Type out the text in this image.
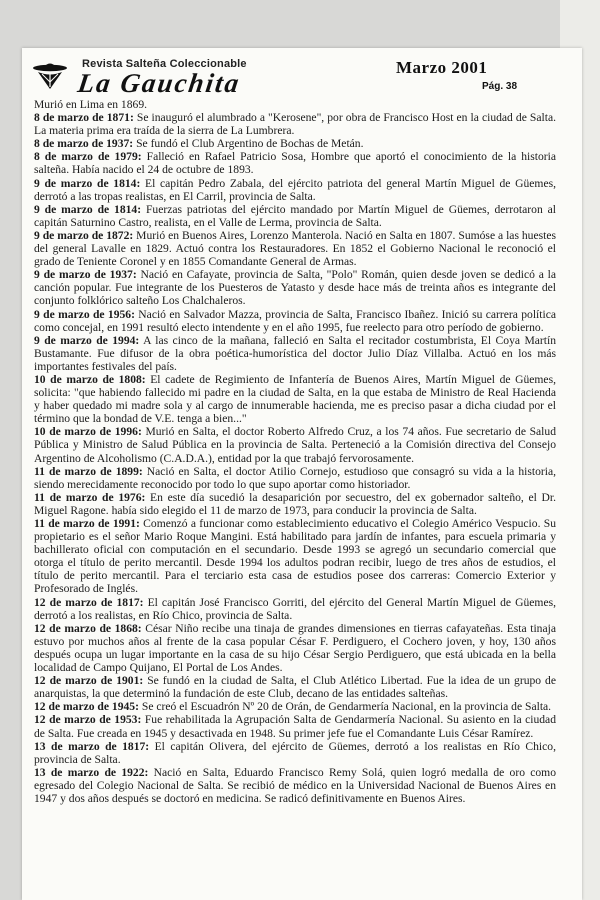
Revista Salteña Coleccionable
La Gauchita
Marzo 2001
Pág. 38

Murió en Lima en 1869.

8 de marzo de 1871: Se inauguró el alumbrado a "Kerosene", por obra de Francisco Host en la ciudad de Salta. La materia prima era traída de la sierra de La Lumbrera.

8 de marzo de 1937: Se fundó el Club Argentino de Bochas de Metán.

8 de marzo de 1979: Falleció en Rafael Patricio Sosa, Hombre que aportó el conocimiento de la historia salteña. Había nacido el 24 de octubre de 1893.

9 de marzo de 1814: El capitán Pedro Zabala, del ejército patriota del general Martín Miguel de Güemes, derrotó a las tropas realistas, en El Carril, provincia de Salta.

9 de marzo de 1814: Fuerzas patriotas del ejército mandado por Martín Miguel de Güemes, derrotaron al capitán Saturnino Castro, realista, en el Valle de Lerma, provincia de Salta.

9 de marzo de 1872: Murió en Buenos Aires, Lorenzo Manterola. Nació en Salta en 1807. Sumóse a las huestes del general Lavalle en 1829. Actuó contra los Restauradores. En 1852 el Gobierno Nacional le reconoció el grado de Teniente Coronel y en 1855 Comandante General de Armas.

9 de marzo de 1937: Nació en Cafayate, provincia de Salta, "Polo" Román, quien desde joven se dedicó a la canción popular. Fue integrante de los Puesteros de Yatasto y desde hace más de treinta años es integrante del conjunto folklórico salteño Los Chalchaleros.

9 de marzo de 1956: Nació en Salvador Mazza, provincia de Salta, Francisco Ibañez. Inició su carrera política como concejal, en 1991 resultó electo intendente y en el año 1995, fue reelecto para otro período de gobierno.

9 de marzo de 1994: A las cinco de la mañana, falleció en Salta el recitador costumbrista, El Coya Martín Bustamante. Fue difusor de la obra poética-humorística del doctor Julio Díaz Villalba. Actuó en los más importantes festivales del país.

10 de marzo de 1808: El cadete de Regimiento de Infantería de Buenos Aires, Martín Miguel de Güemes, solicita: "que habiendo fallecido mi padre en la ciudad de Salta, en la que estaba de Ministro de Real Hacienda y haber quedado mi madre sola y al cargo de innumerable hacienda, me es preciso pasar a dicha ciudad por el término que la bondad de V.E. tenga a bien..."

10 de marzo de 1996: Murió en Salta, el doctor Roberto Alfredo Cruz, a los 74 años. Fue secretario de Salud Pública y Ministro de Salud Pública en la provincia de Salta. Perteneció a la Comisión directiva del Consejo Argentino de Alcoholismo (C.A.D.A.), entidad por la que trabajó fervorosamente.

11 de marzo de 1899: Nació en Salta, el doctor Atilio Cornejo, estudioso que consagró su vida a la historia, siendo merecidamente reconocido por todo lo que supo aportar como historiador.

11 de marzo de 1976: En este día sucedió la desaparición por secuestro, del ex gobernador salteño, el Dr. Miguel Ragone. había sido elegido el 11 de marzo de 1973, para conducir la provincia de Salta.

11 de marzo de 1991: Comenzó a funcionar como establecimiento educativo el Colegio Américo Vespucio. Su propietario es el señor Mario Roque Mangini. Está habilitado para jardín de infantes, para escuela primaria y bachillerato oficial con computación en el secundario. Desde 1993 se agregó un secundario comercial que otorga el título de perito mercantil. Desde 1994 los adultos podran recibir, luego de tres años de estudios, el título de perito mercantil. Para el terciario esta casa de estudios posee dos carreras: Comercio Exterior y Profesorado de Inglés.

12 de marzo de 1817: El capitán José Francisco Gorriti, del ejército del General Martín Miguel de Güemes, derrotó a los realistas, en Río Chico, provincia de Salta.

12 de marzo de 1868: César Niño recibe una tinaja de grandes dimensiones en tierras cafayateñas. Esta tinaja estuvo por muchos años al frente de la casa popular César F. Perdiguero, el Cochero joven, y hoy, 130 años después ocupa un lugar importante en la casa de su hijo César Sergio Perdiguero, que está ubicada en la bella localidad de Campo Quijano, El Portal de Los Andes.

12 de marzo de 1901: Se fundó en la ciudad de Salta, el Club Atlético Libertad. Fue la idea de un grupo de anarquistas, la que determinó la fundación de este Club, decano de las entidades salteñas.

12 de marzo de 1945: Se creó el Escuadrón Nº 20 de Orán, de Gendarmería Nacional, en la provincia de Salta.

12 de marzo de 1953: Fue rehabilitada la Agrupación Salta de Gendarmería Nacional. Su asiento en la ciudad de Salta. Fue creada en 1945 y desactivada en 1948. Su primer jefe fue el Comandante Luis César Ramírez.

13 de marzo de 1817: El capitán Olivera, del ejército de Güemes, derrotó a los realistas en Río Chico, provincia de Salta.

13 de marzo de 1922: Nació en Salta, Eduardo Francisco Remy Solá, quien logró medalla de oro como egresado del Colegio Nacional de Salta. Se recibió de médico en la Universidad Nacional de Buenos Aires en 1947 y dos años después se doctoró en medicina. Se radicó definitivamente en Buenos Aires.
